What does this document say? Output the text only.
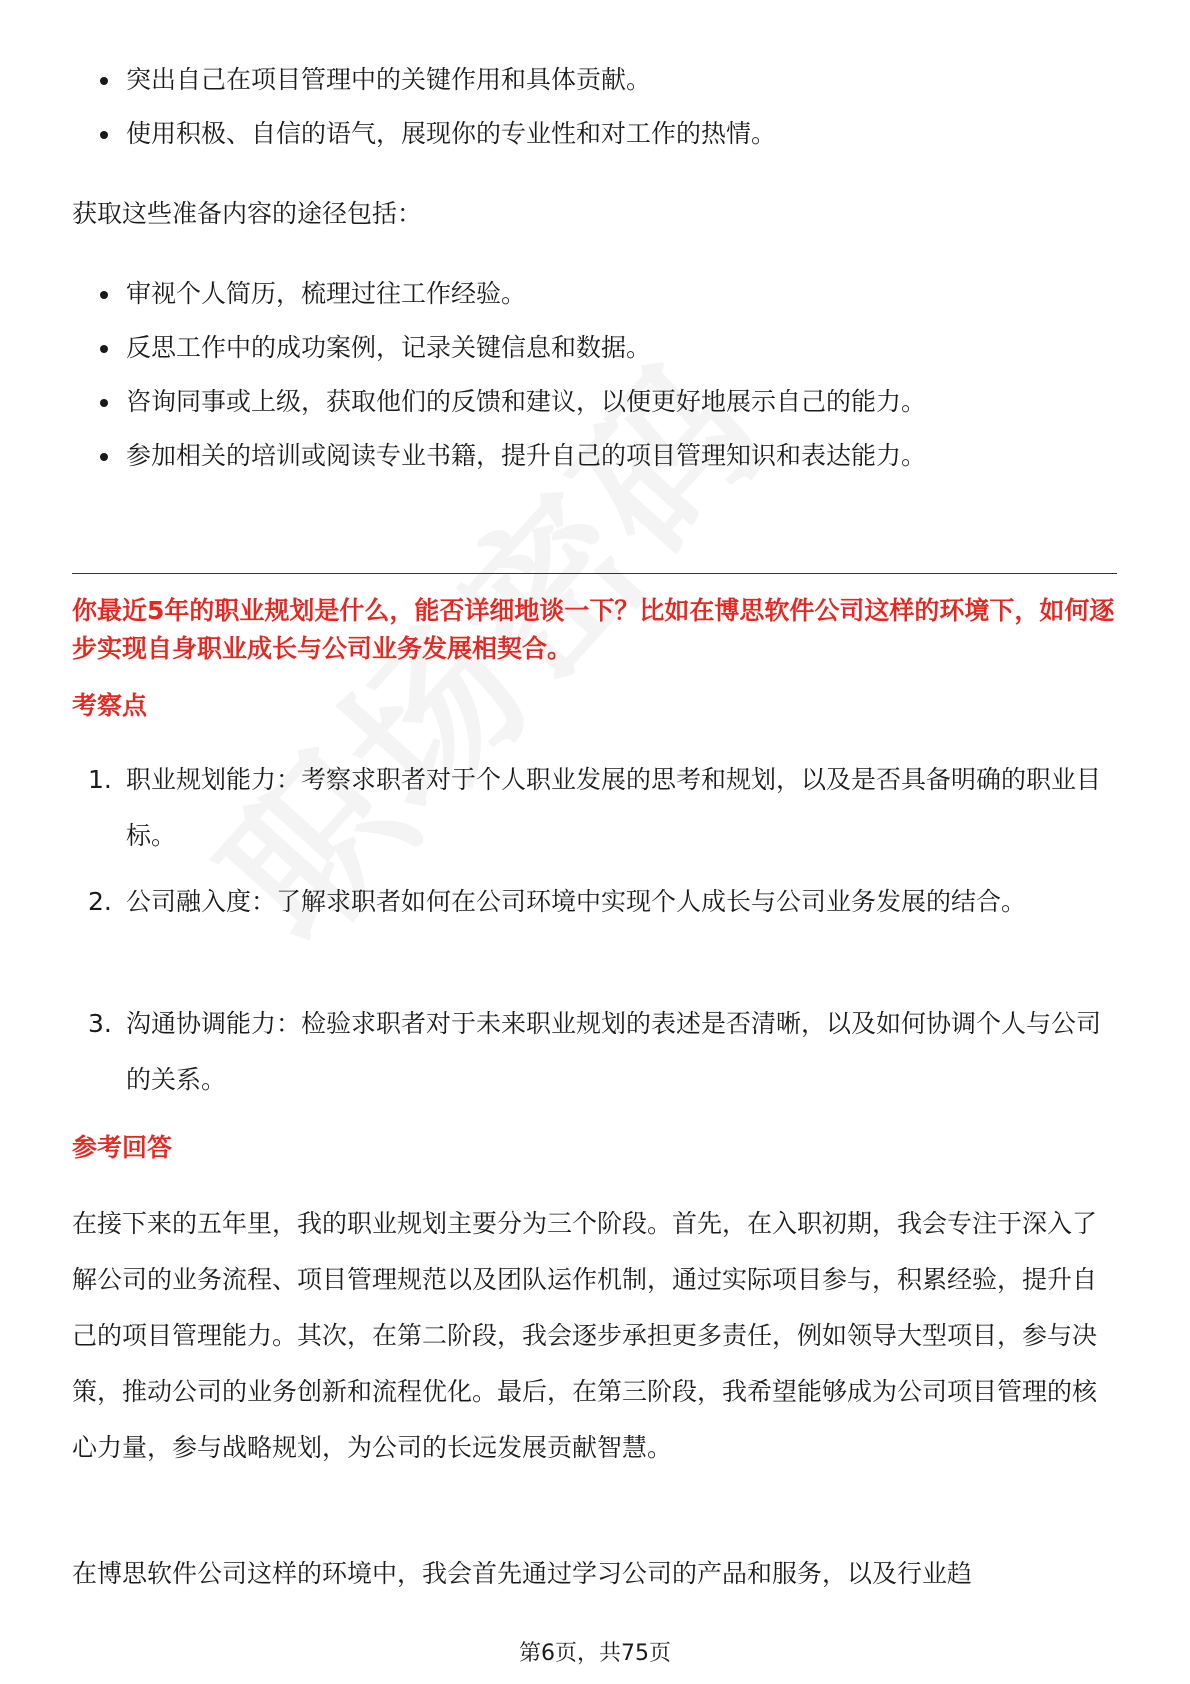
突出自己在项目管理中的关键作用和具体贡献。
使用积极、自信的语气，展现你的专业性和对工作的热情。
获取这些准备内容的途径包括：
审视个人简历，梳理过往工作经验。
反思工作中的成功案例，记录关键信息和数据。
咨询同事或上级，获取他们的反馈和建议，以便更好地展示自己的能力。
参加相关的培训或阅读专业书籍，提升自己的项目管理知识和表达能力。
你最近5年的职业规划是什么，能否详细地谈一下？比如在博思软件公司这样的环境下，如何逐步实现自身职业成长与公司业务发展相契合。
考察点
1. 职业规划能力：考察求职者对于个人职业发展的思考和规划，以及是否具备明确的职业目标。
2. 公司融入度：了解求职者如何在公司环境中实现个人成长与公司业务发展的结合。
3. 沟通协调能力：检验求职者对于未来职业规划的表述是否清晰，以及如何协调个人与公司的关系。
参考回答
在接下来的五年里，我的职业规划主要分为三个阶段。首先，在入职初期，我会专注于深入了解公司的业务流程、项目管理规范以及团队运作机制，通过实际项目参与，积累经验，提升自己的项目管理能力。其次，在第二阶段，我会逐步承担更多责任，例如领导大型项目，参与决策，推动公司的业务创新和流程优化。最后，在第三阶段，我希望能够成为公司项目管理的核心力量，参与战略规划，为公司的长远发展贡献智慧。
在博思软件公司这样的环境中，我会首先通过学习公司的产品和服务，以及行业趋
第6页，共75页
